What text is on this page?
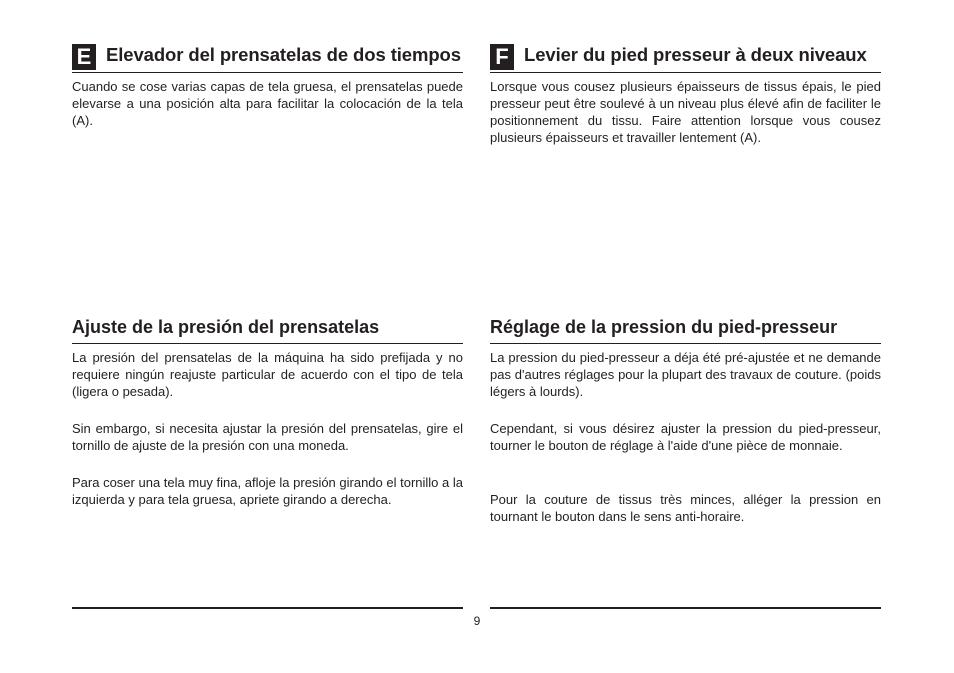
E Elevador del prensatelas de dos tiempos
Cuando se cose varias capas de tela gruesa, el prensatelas puede elevarse a una posición alta para facilitar la colocación de la tela (A).
Ajuste de la presión del prensatelas
La presión del prensatelas de la máquina ha sido prefijada y no requiere ningún reajuste particular de acuerdo con el tipo de tela (ligera o pesada).
Sin embargo, si necesita ajustar la presión del prensatelas, gire el tornillo de ajuste de la presión con una moneda.
Para coser una tela muy fina, afloje la presión girando el tornillo a la izquierda y para tela gruesa, apriete girando a derecha.
F Levier du pied presseur à deux niveaux
Lorsque vous cousez plusieurs épaisseurs de tissus épais, le pied presseur peut être soulevé à un niveau plus élevé afin de faciliter le positionnement du tissu. Faire attention lorsque vous cousez plusieurs épaisseurs et travailler lentement (A).
Réglage de la pression du pied-presseur
La pression du pied-presseur a déja été pré-ajustée et ne demande pas d'autres réglages pour la plupart des travaux de couture. (poids légers à lourds).
Cependant, si vous désirez ajuster la pression du pied-presseur, tourner le bouton de réglage à l'aide d'une pièce de monnaie.
Pour la couture de tissus très minces, alléger la pression en tournant le bouton dans le sens anti-horaire.
9
